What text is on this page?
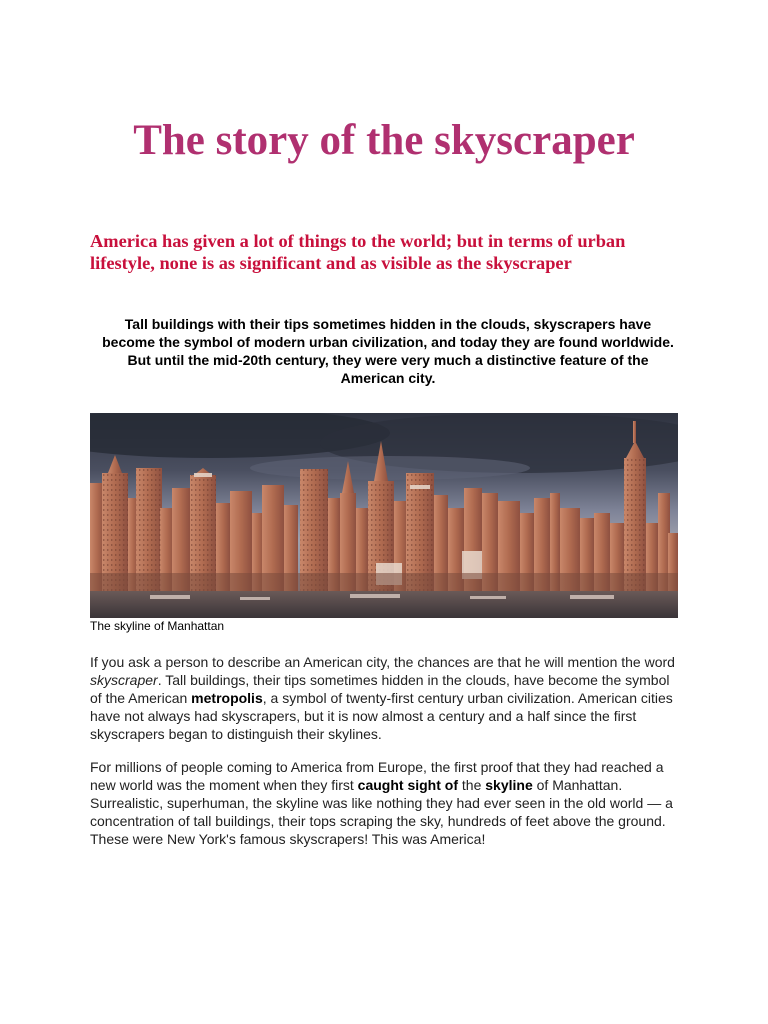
The story of the skyscraper

America has given a lot of things to the world; but in terms of urban lifestyle, none is as significant and as visible as the skyscraper

Tall buildings with their tips sometimes hidden in the clouds, skyscrapers have become the symbol of modern urban civilization, and today they are found worldwide. But until the mid-20th century, they were very much a distinctive feature of the American city.

The skyline of Manhattan

If you ask a person to describe an American city, the chances are that he will mention the word skyscraper. Tall buildings, their tips sometimes hidden in the clouds, have become the symbol of the American metropolis, a symbol of twenty-first century urban civilization. American cities have not always had skyscrapers, but it is now almost a century and a half since the first skyscrapers began to distinguish their skylines.

For millions of people coming to America from Europe, the first proof that they had reached a new world was the moment when they first caught sight of the skyline of Manhattan. Surrealistic, superhuman, the skyline was like nothing they had ever seen in the old world — a concentration of tall buildings, their tops scraping the sky, hundreds of feet above the ground. These were New York's famous skyscrapers! This was America!
